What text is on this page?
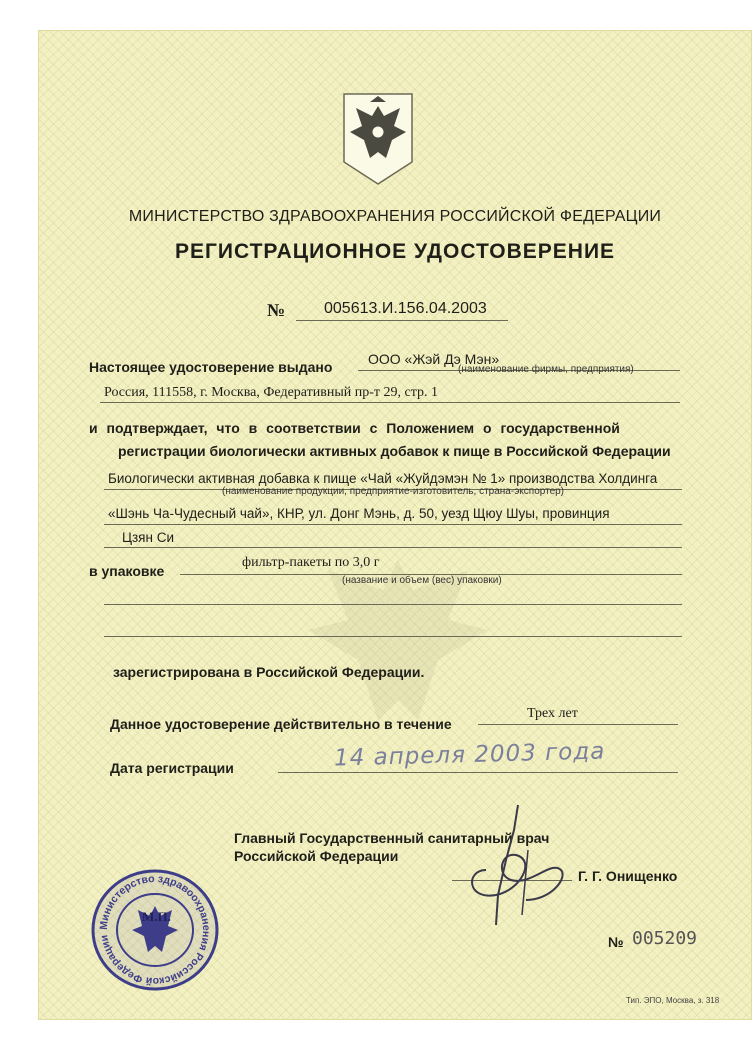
МИНИСТЕРСТВО ЗДРАВООХРАНЕНИЯ РОССИЙСКОЙ ФЕДЕРАЦИИ
РЕГИСТРАЦИОННОЕ УДОСТОВЕРЕНИЕ
№ 005613.И.156.04.2003
Настоящее удостоверение выдано	ООО «Жэй Дэ Мэн»
(наименование фирмы, предприятия)
Россия, 111558, г. Москва, Федеративный пр-т 29, стр. 1
и подтверждает, что в соответствии с Положением о государственной
регистрации биологически активных добавок к пище в Российской Федерации
Биологически активная добавка к пище «Чай «Жуйдэмэн № 1» производства Холдинга
(наименование продукции, предприятие-изготовитель, страна-экспортер)
«Шэнь Ча-Чудесный чай», КНР, ул. Донг Мэнь, д. 50, уезд Щюу Шуы, провинция
Цзян Си
в упаковке
фильтр-пакеты по 3,0 г
(название и объем (вес) упаковки)
зарегистрирована в Российской Федерации.
Данное удостоверение действительно в течение
Трех лет
Дата регистрации	14 апреля 2003 года
Главный Государственный санитарный врач
Российской Федерации
Г. Г. Онищенко
Министерство здравоохранения Российской Федерации
М.П.
№ 005209
Тип. ЭПО, Москва, з. 318
